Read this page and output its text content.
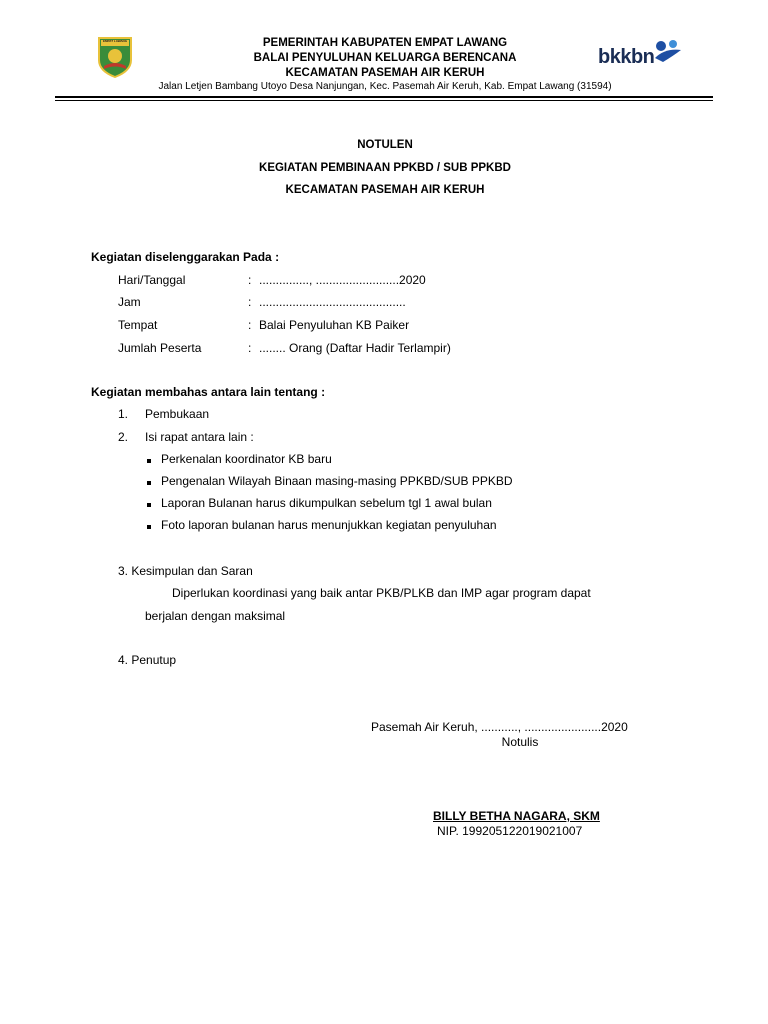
EMPAT LAWANG
bkkbn
PEMERINTAH KABUPATEN EMPAT LAWANG
BALAI PENYULUHAN KELUARGA BERENCANA
KECAMATAN PASEMAH AIR KERUH
Jalan Letjen Bambang Utoyo Desa Nanjungan, Kec. Pasemah Air Keruh, Kab. Empat Lawang (31594)
NOTULEN
KEGIATAN PEMBINAAN PPKBD / SUB PPKBD
KECAMATAN PASEMAH AIR KERUH
Kegiatan diselenggarakan Pada :
Hari/Tanggal	: ..............., .........................2020
Jam	: ............................................
Tempat	: Balai Penyuluhan KB Paiker
Jumlah Peserta	: ........ Orang (Daftar Hadir Terlampir)
Kegiatan membahas antara lain tentang :
1. Pembukaan
2. Isi rapat antara lain :
Perkenalan koordinator KB baru
Pengenalan Wilayah Binaan masing-masing PPKBD/SUB PPKBD
Laporan Bulanan harus dikumpulkan sebelum tgl 1 awal bulan
Foto laporan bulanan harus menunjukkan kegiatan penyuluhan
3. Kesimpulan dan Saran
Diperlukan koordinasi yang baik antar PKB/PLKB dan IMP agar program dapat
berjalan dengan maksimal
4. Penutup
Pasemah Air Keruh, ..........., .......................2020
Notulis
BILLY BETHA NAGARA, SKM
NIP. 199205122019021007
